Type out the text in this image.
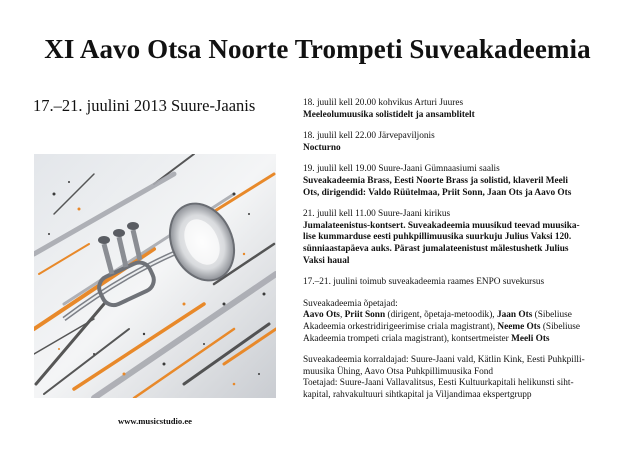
XI Aavo Otsa Noorte Trompeti Suveakadeemia
17.–21. juulini 2013 Suure-Jaanis
www.musicstudio.ee

18. juulil kell 20.00 kohvikus Arturi Juures

Meeleolumuusika solistidelt ja ansamblitelt

18. juulil kell 22.00 Järvepaviljonis

Nocturno

19. juulil kell 19.00 Suure-Jaani Gümnaasiumi saalis

Suveakadeemia Brass, Eesti Noorte Brass ja solistid, klaveril Meeli

Ots, dirigendid: Valdo Rüütelmaa, Priit Sonn, Jaan Ots ja Aavo Ots

21. juulil kell 11.00 Suure-Jaani kirikus

Jumalateenistus-kontsert. Suveakadeemia muusikud teevad muusika-

lise kummarduse eesti puhkpillimuusika suurkuju Julius Vaksi 120.

sünniaastapäeva auks. Pärast jumalateenistust mälestushetk Julius

Vaksi haual

17.–21. juulini toimub suveakadeemia raames ENPO suvekursus

Suveakadeemia õpetajad:

Aavo Ots, Priit Sonn (dirigent, õpetaja-metoodik), Jaan Ots (Sibeliuse

Akadeemia orkestridirigeerimise criala magistrant), Neeme Ots (Sibeliuse

Akadeemia trompeti criala magistrant), kontsertmeister Meeli Ots

Suveakadeemia korraldajad: Suure-Jaani vald, Kätlin Kink, Eesti Puhkpilli-

muusika Ühing, Aavo Otsa Puhkpillimuusika Fond

Toetajad: Suure-Jaani Vallavalitsus, Eesti Kultuurkapitali helikunsti siht-

kapital, rahvakultuuri sihtkapital ja Viljandimaa ekspertgrupp
